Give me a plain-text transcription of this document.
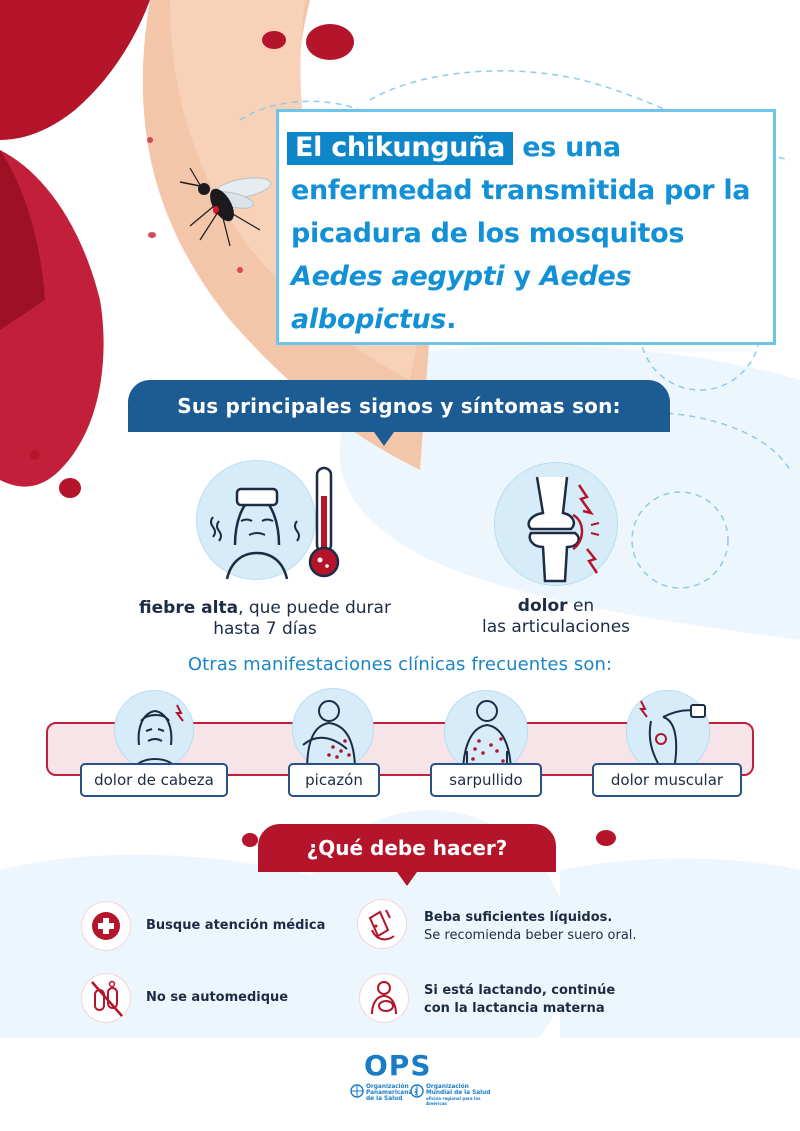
El chikunguña es una enfermedad transmitida por la picadura de los mosquitos Aedes aegypti y Aedes albopictus.

Sus principales signos y síntomas son:
fiebre alta, que puede durar
hasta 7 días
dolor en
las articulaciones
Otras manifestaciones clínicas frecuentes son:
dolor de cabeza	picazón	sarpullido	dolor muscular
¿Qué debe hacer?
Busque atención médica
Beba suficientes líquidos.
Se recomienda beber suero oral.
No se automedique	Si está lactando, continúe
con la lactancia materna
OPS
Organización
Panamericana
de la Salud
Organización
Mundial de la Salud
oficina regional para las Américas
